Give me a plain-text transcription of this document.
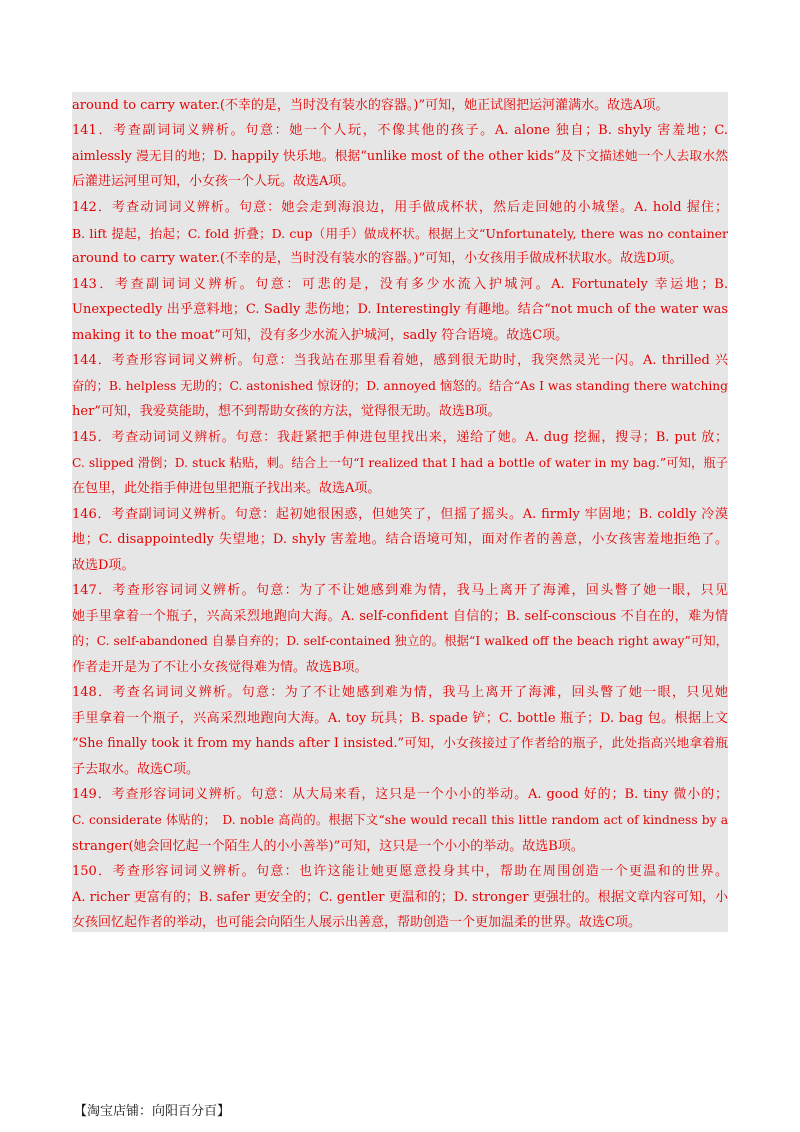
around to carry water.(不幸的是，当时没有装水的容器。)”可知，她正试图把运河灌满水。故选A项。
141．考查副词词义辨析。句意：她一个人玩，不像其他的孩子。A. alone 独自；B. shyly 害羞地；C.
aimlessly 漫无目的地；D. happily 快乐地。根据“unlike most of the other kids”及下文描述她一个人去取水然
后灌进运河里可知，小女孩一个人玩。故选A项。
142．考查动词词义辨析。句意：她会走到海浪边，用手做成杯状，然后走回她的小城堡。A. hold 握住；
B. lift 提起，抬起；C. fold 折叠；D. cup（用手）做成杯状。根据上文“Unfortunately, there was no container
around to carry water.(不幸的是，当时没有装水的容器。)”可知，小女孩用手做成杯状取水。故选D项。
143．考查副词词义辨析。句意：可悲的是，没有多少水流入护城河。A. Fortunately 幸运地；B.
Unexpectedly 出乎意料地；C. Sadly 悲伤地；D. Interestingly 有趣地。结合“not much of the water was
making it to the moat”可知，没有多少水流入护城河，sadly 符合语境。故选C项。
144．考查形容词词义辨析。句意：当我站在那里看着她，感到很无助时，我突然灵光一闪。A. thrilled 兴
奋的；B. helpless 无助的；C. astonished 惊讶的；D. annoyed 恼怒的。结合“As I was standing there watching
her”可知，我爱莫能助，想不到帮助女孩的方法，觉得很无助。故选B项。
145．考查动词词义辨析。句意：我赶紧把手伸进包里找出来，递给了她。A. dug 挖掘，搜寻；B. put 放；
C. slipped 滑倒；D. stuck 粘贴，刺。结合上一句“I realized that I had a bottle of water in my bag.”可知，瓶子
在包里，此处指手伸进包里把瓶子找出来。故选A项。
146．考查副词词义辨析。句意：起初她很困惑，但她笑了，但摇了摇头。A. firmly 牢固地；B. coldly 冷漠
地；C. disappointedly 失望地；D. shyly 害羞地。结合语境可知，面对作者的善意，小女孩害羞地拒绝了。
故选D项。
147．考查形容词词义辨析。句意：为了不让她感到难为情，我马上离开了海滩，回头瞥了她一眼，只见
她手里拿着一个瓶子，兴高采烈地跑向大海。A. self-confident 自信的；B. self-conscious 不自在的，难为情
的；C. self-abandoned 自暴自弃的；D. self-contained 独立的。根据“I walked off the beach right away”可知，
作者走开是为了不让小女孩觉得难为情。故选B项。
148．考查名词词义辨析。句意：为了不让她感到难为情，我马上离开了海滩，回头瞥了她一眼，只见她
手里拿着一个瓶子，兴高采烈地跑向大海。A. toy 玩具；B. spade 铲；C. bottle 瓶子；D. bag 包。根据上文
“She finally took it from my hands after I insisted.”可知，小女孩接过了作者给的瓶子，此处指高兴地拿着瓶
子去取水。故选C项。
149．考查形容词词义辨析。句意：从大局来看，这只是一个小小的举动。A. good 好的；B. tiny 微小的；
C. considerate 体贴的；　D. noble 高尚的。根据下文“she would recall this little random act of kindness by a
stranger(她会回忆起一个陌生人的小小善举)”可知，这只是一个小小的举动。故选B项。
150．考查形容词词义辨析。句意：也许这能让她更愿意投身其中，帮助在周围创造一个更温和的世界。
A. richer 更富有的；B. safer 更安全的；C. gentler 更温和的；D. stronger 更强壮的。根据文章内容可知，小
女孩回忆起作者的举动，也可能会向陌生人展示出善意，帮助创造一个更加温柔的世界。故选C项。
【淘宝店铺：向阳百分百】
